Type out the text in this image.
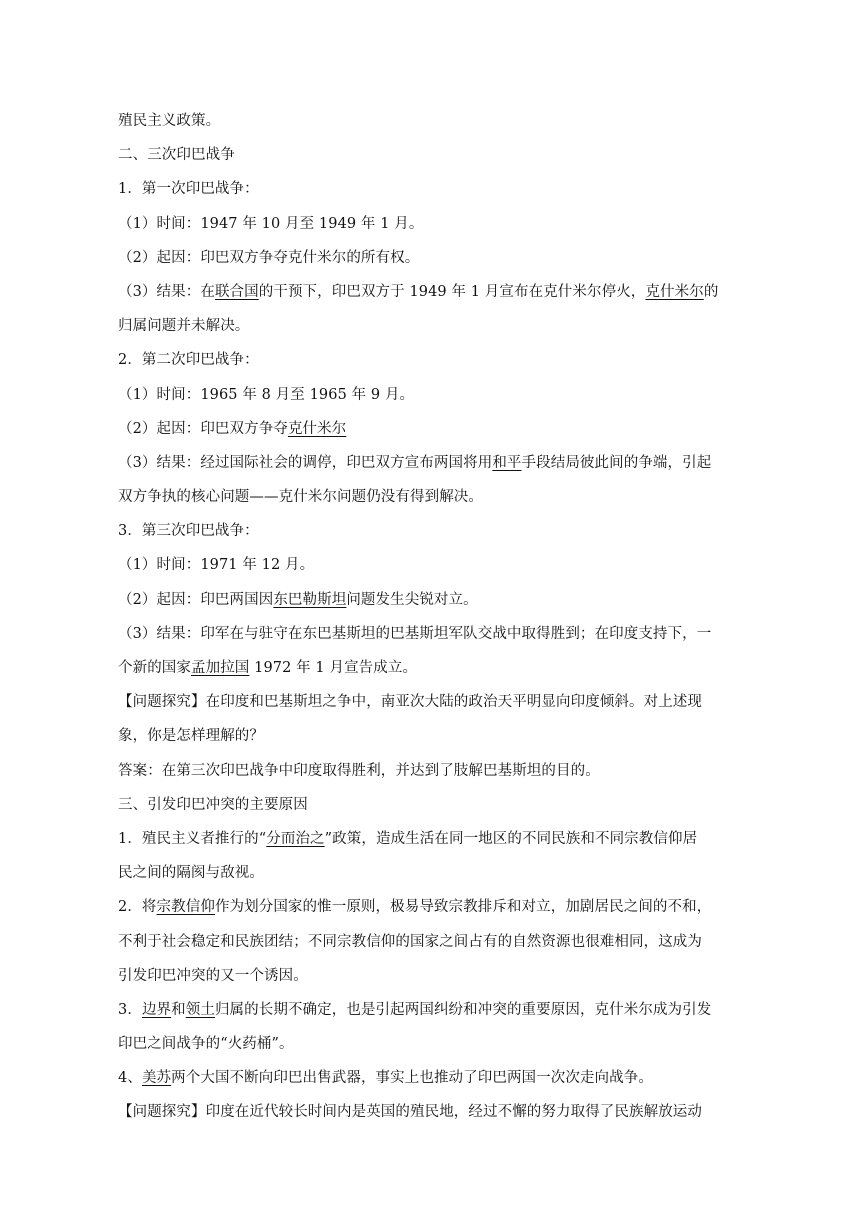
殖民主义政策。
二、三次印巴战争
1．第一次印巴战争：
（1）时间：1947 年 10 月至 1949 年 1 月。
（2）起因：印巴双方争夺克什米尔的所有权。
（3）结果：在联合国的干预下，印巴双方于 1949 年 1 月宣布在克什米尔停火，克什米尔的
归属问题并未解决。
2．第二次印巴战争：
（1）时间：1965 年 8 月至 1965 年 9 月。
（2）起因：印巴双方争夺克什米尔
（3）结果：经过国际社会的调停，印巴双方宣布两国将用和平手段结局彼此间的争端，引起
双方争执的核心问题——克什米尔问题仍没有得到解决。
3．第三次印巴战争：
（1）时间：1971 年 12 月。
（2）起因：印巴两国因东巴勒斯坦问题发生尖锐对立。
（3）结果：印军在与驻守在东巴基斯坦的巴基斯坦军队交战中取得胜到；在印度支持下，一
个新的国家孟加拉国 1972 年 1 月宣告成立。
【问题探究】在印度和巴基斯坦之争中，南亚次大陆的政治天平明显向印度倾斜。对上述现
象，你是怎样理解的？
答案：在第三次印巴战争中印度取得胜利，并达到了肢解巴基斯坦的目的。
三、引发印巴冲突的主要原因
1．殖民主义者推行的“分而治之”政策，造成生活在同一地区的不同民族和不同宗教信仰居
民之间的隔阂与敌视。
2．将宗教信仰作为划分国家的惟一原则，极易导致宗教排斥和对立，加剧居民之间的不和，
不利于社会稳定和民族团结；不同宗教信仰的国家之间占有的自然资源也很难相同，这成为
引发印巴冲突的又一个诱因。
3．边界和领土归属的长期不确定，也是引起两国纠纷和冲突的重要原因，克什米尔成为引发
印巴之间战争的“火药桶”。
4、美苏两个大国不断向印巴出售武器，事实上也推动了印巴两国一次次走向战争。
【问题探究】印度在近代较长时间内是英国的殖民地，经过不懈的努力取得了民族解放运动
